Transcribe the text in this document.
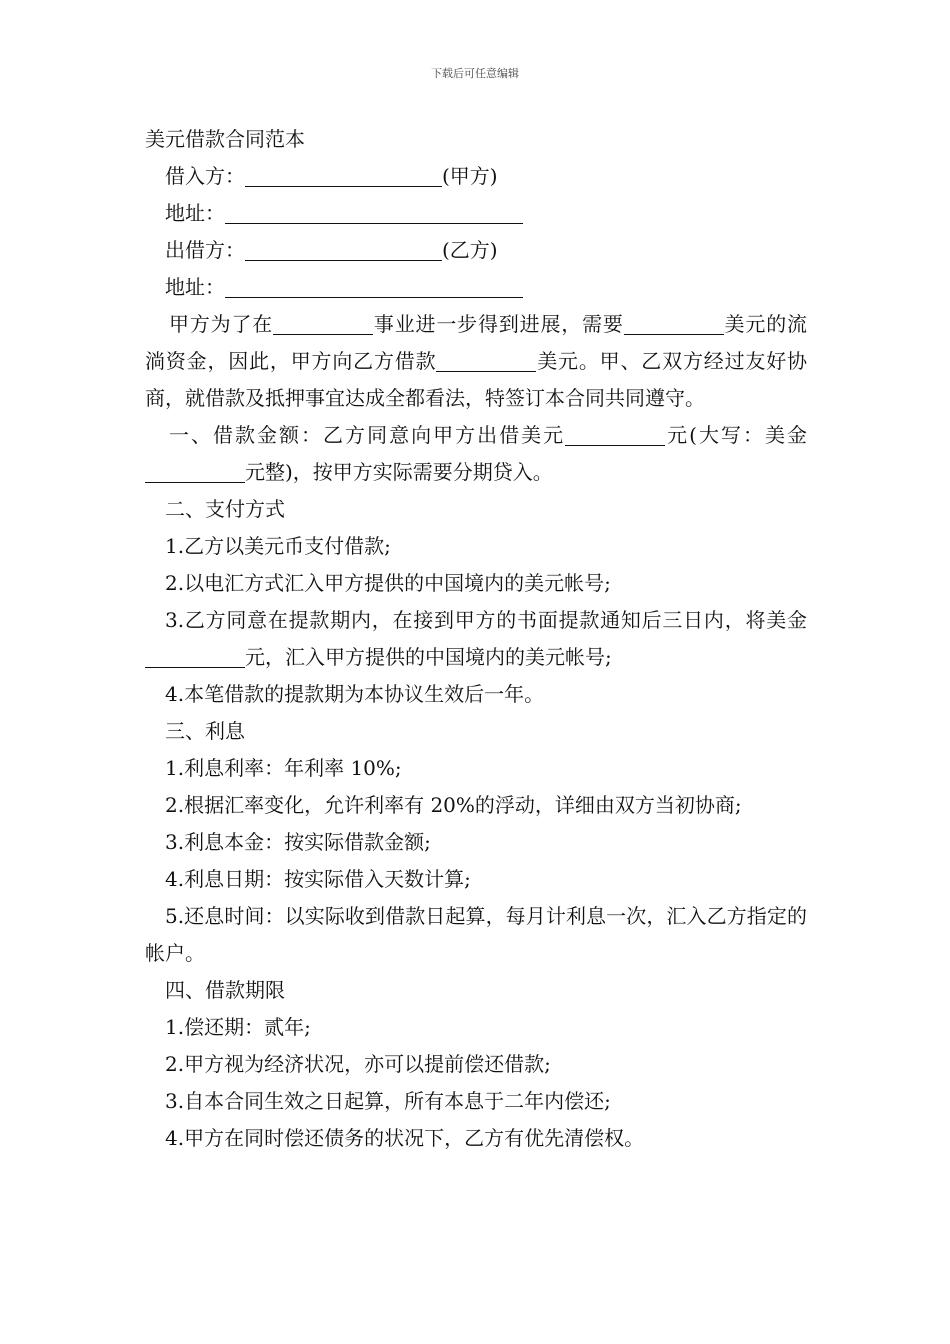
下载后可任意编辑

美元借款合同范本

借入方：	(甲方)

地址：

出借方：	(乙方)

地址：

甲方为了在	事业进一步得到进展，需要	美元的流淌资金，因此，甲方向乙方借款	美元。甲、乙双方经过友好协商，就借款及抵押事宜达成全都看法，特签订本合同共同遵守。

一、借款金额：乙方同意向甲方出借美元	元(大写：美金元整)，按甲方实际需要分期贷入。

二、支付方式

1.乙方以美元币支付借款;

2.以电汇方式汇入甲方提供的中国境内的美元帐号;

3.乙方同意在提款期内，在接到甲方的书面提款通知后三日内，将美金元，汇入甲方提供的中国境内的美元帐号;

4.本笔借款的提款期为本协议生效后一年。

三、利息

1.利息利率：年利率 10%;

2.根据汇率变化，允许利率有 20%的浮动，详细由双方当初协商;

3.利息本金：按实际借款金额;

4.利息日期：按实际借入天数计算;

5.还息时间：以实际收到借款日起算，每月计利息一次，汇入乙方指定的帐户。

四、借款期限

1.偿还期：贰年;

2.甲方视为经济状况，亦可以提前偿还借款;

3.自本合同生效之日起算，所有本息于二年内偿还;

4.甲方在同时偿还债务的状况下，乙方有优先清偿权。
